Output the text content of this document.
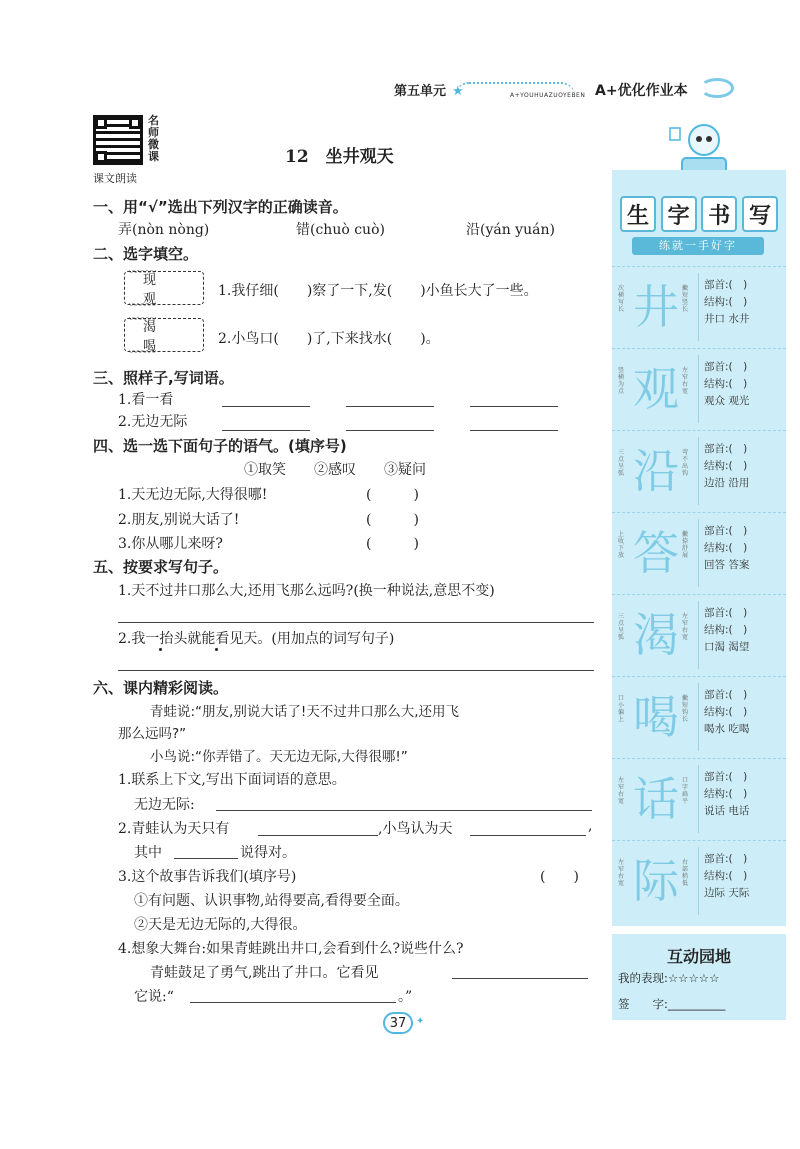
第五单元 ★	A+YOUHUAZUOYEBEN A+优化作业本
名师微课
课文朗读
12　坐井观天
一、用“√”选出下列汉字的正确读音。
弄(nòn nòng)	错(chuò cuò)	沿(yán yuán)
二、选字填空。
〰〰〰 现观 〰〰〰
1.我仔细(　　)察了一下,发(　　)小鱼长大了一些。
〰〰〰 渴喝 〰〰〰	2.小鸟口(　　)了,下来找水(　　)。
三、照样子,写词语。
1.看一看
2.无边无际
四、选一选下面句子的语气。(填序号)
①取笑　　②感叹　　③疑问
1.天无边无际,大得很哪!	(　　　)
2.朋友,别说大话了!	(　　　)
3.你从哪儿来呀?	(　　　)
五、按要求写句子。
1.天不过井口那么大,还用飞那么远吗?(换一种说法,意思不变)
2.我一抬头就能看见天。(用加点的词写句子)
六、课内精彩阅读。
青蛙说:“朋友,别说大话了!天不过井口那么大,还用飞
那么远吗?”
小鸟说:“你弄错了。天无边无际,大得很哪!”
1.联系上下文,写出下面词语的意思。
无边无际:
2.青蛙认为天只有	,小鸟认为天	,
其中	说得对。
3.这个故事告诉我们(填序号)	(　　)
①有问题、认识事物,站得要高,看得要全面。
②天是无边无际的,大得很。
4.想象大舞台:如果青蛙跳出井口,会看到什么?说些什么?
青蛙鼓足了勇气,跳出了井口。它看见
它说:“	。”
37 ✦
生 字 书 写
练就一手好字
次横写长 井 撇短竖长
部首:(　)
结构:(　)
井口 水井
竖横为点 观 左窄右宽
部首:(　)
结构:(　)
观众 观光
三点呈弧 沿 弯不出钩
部首:(　)
结构:(　)
边沿 沿用
上收下放 答 撇捺舒展
部首:(　)
结构:(　)
回答 答案
三点呈弧 渴 左窄右宽
部首:(　)
结构:(　)
口渴 渴望
口小偏上 喝 撇短钩长
部首:(　)
结构:(　)
喝水 吃喝
左窄右宽 话 口字扁平
部首:(　)
结构:(　)
说话 电话
左窄右宽 际 右部稍低
部首:(　)
结构:(　)
边际 天际
互动园地
我的表现:☆☆☆☆☆
签　　字:__________
